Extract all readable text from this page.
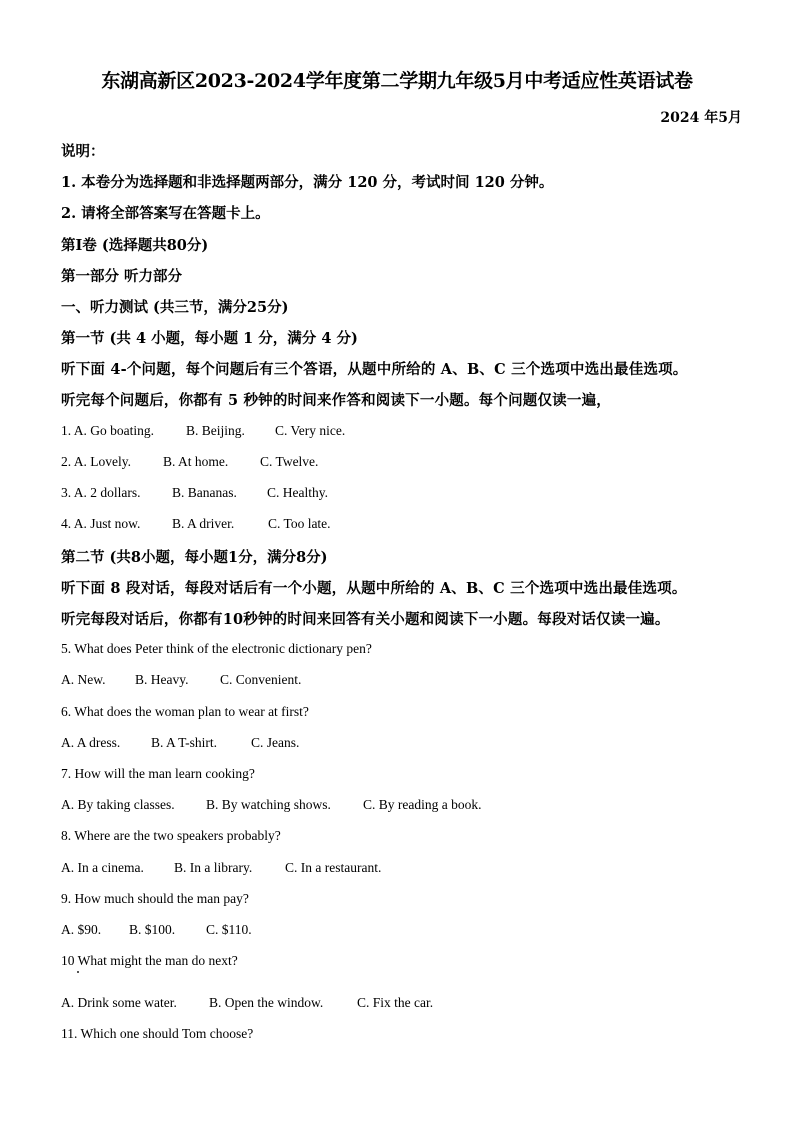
东湖高新区2023-2024学年度第二学期九年级5月中考适应性英语试卷
2024 年5月
说明：
1. 本卷分为选择题和非选择题两部分，满分 120 分，考试时间 120 分钟。
2. 请将全部答案写在答题卡上。
第Ⅰ卷 (选择题共80分)
第一部分 听力部分
一、听力测试 (共三节，满分25分)
第一节 (共 4 小题，每小题 1 分，满分 4 分)
听下面 4-个问题，每个问题后有三个答语，从题中所给的 A、B、C 三个选项中选出最佳选项。
听完每个问题后，你都有 5 秒钟的时间来作答和阅读下一小题。每个问题仅读一遍，
1. A. Go boating. B. Beijing. C. Very nice.
2. A. Lovely. B. At home. C. Twelve.
3. A. 2 dollars. B. Bananas. C. Healthy.
4. A. Just now. B. A driver. C. Too late.
第二节 (共8小题，每小题1分，满分8分)
听下面 8 段对话，每段对话后有一个小题，从题中所给的 A、B、C 三个选项中选出最佳选项。
听完每段对话后，你都有10秒钟的时间来回答有关小题和阅读下一小题。每段对话仅读一遍。
5. What does Peter think of the electronic dictionary pen?
A. New. B. Heavy. C. Convenient.
6. What does the woman plan to wear at first?
A. A dress. B. A T-shirt.	C. Jeans.
7. How will the man learn cooking?
A. By taking classes. B. By watching shows. C. By reading a book.
8. Where are the two speakers probably?
A. In a cinema. B. In a library. C. In a restaurant.
9. How much should the man pay?
A. $90. B. $100. C. $110.
10 What might the man do next?
A. Drink some water. B. Open the window.	C. Fix the car.
11. Which one should Tom choose?
